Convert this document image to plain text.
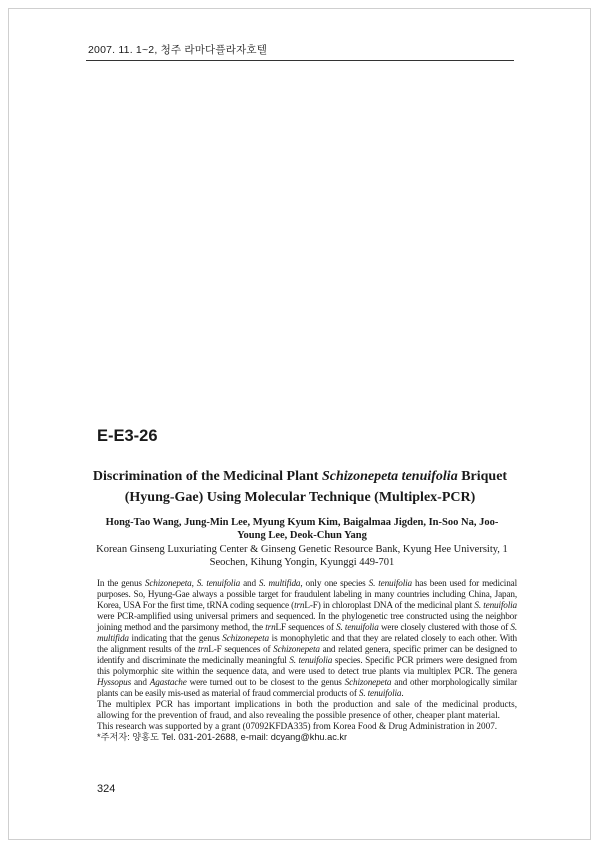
2007. 11. 1~2, 청주 라마다플라자호텔
E-E3-26
Discrimination of the Medicinal Plant Schizonepeta tenuifolia Briquet (Hyung-Gae) Using Molecular Technique (Multiplex-PCR)
Hong-Tao Wang, Jung-Min Lee, Myung Kyum Kim, Baigalmaa Jigden, In-Soo Na, Joo-Young Lee, Deok-Chun Yang
Korean Ginseng Luxuriating Center & Ginseng Genetic Resource Bank, Kyung Hee University, 1 Seochen, Kihung Yongin, Kyunggi 449-701

In the genus Schizonepeta, S. tenuifolia and S. multifida, only one species S. tenuifolia has been used for medicinal purposes. So, Hyung-Gae always a possible target for fraudulent labeling in many countries including China, Japan, Korea, USA For the first time, tRNA coding sequence (trnL-F) in chloroplast DNA of the medicinal plant S. tenuifolia were PCR-amplified using universal primers and sequenced. In the phylogenetic tree constructed using the neighbor joining method and the parsimony method, the trnLF sequences of S. tenuifolia were closely clustered with those of S. multifida indicating that the genus Schizonepeta is monophyletic and that they are related closely to each other. With the alignment results of the trnL-F sequences of Schizonepeta and related genera, specific primer can be designed to identify and discriminate the medicinally meaningful S. tenuifolia species. Specific PCR primers were designed from this polymorphic site within the sequence data, and were used to detect true plants via multiplex PCR. The genera Hyssopus and Agastache were turned out to be closest to the genus Schizonepeta and other morphologically similar plants can be easily mis-used as material of fraud commercial products of S. tenuifolia.

The multiplex PCR has important implications in both the production and sale of the medicinal products, allowing for the prevention of fraud, and also revealing the possible presence of other, cheaper plant material.

This research was supported by a grant (07092KFDA335) from Korea Food & Drug Administration in 2007.

*주저자: 양홍도 Tel. 031-201-2688, e-mail: dcyang@khu.ac.kr

324
